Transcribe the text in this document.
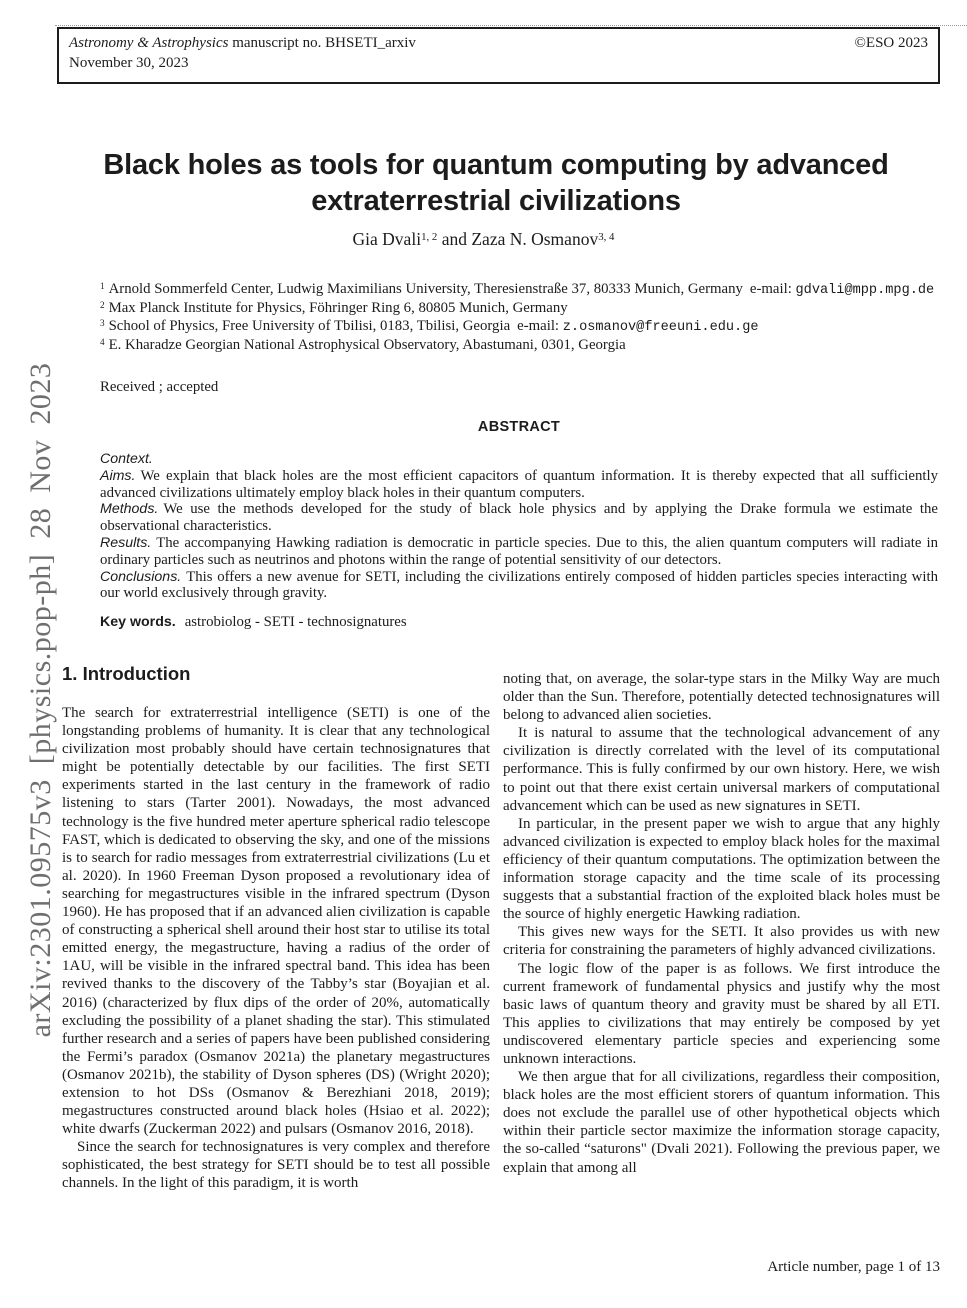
Astronomy & Astrophysics manuscript no. BHSETI_arxiv
November 30, 2023
©ESO 2023
arXiv:2301.09575v3 [physics.pop-ph] 28 Nov 2023
Black holes as tools for quantum computing by advanced
extraterrestrial civilizations
Gia Dvali$^{1, 2}$ and Zaza N. Osmanov$^{3, 4}$
$^1$ Arnold Sommerfeld Center, Ludwig Maximilians University, Theresienstraße 37, 80333 Munich, Germany e-mail: gdvali@mpp.mpg.de
$^2$ Max Planck Institute for Physics, Föhringer Ring 6, 80805 Munich, Germany
$^3$ School of Physics, Free University of Tbilisi, 0183, Tbilisi, Georgia e-mail: z.osmanov@freeuni.edu.ge
$^4$ E. Kharadze Georgian National Astrophysical Observatory, Abastumani, 0301, Georgia
Received ; accepted
ABSTRACT
Context.
Aims. We explain that black holes are the most efficient capacitors of quantum information. It is thereby expected that all sufficiently advanced civilizations ultimately employ black holes in their quantum computers.
Methods. We use the methods developed for the study of black hole physics and by applying the Drake formula we estimate the observational characteristics.
Results. The accompanying Hawking radiation is democratic in particle species. Due to this, the alien quantum computers will radiate in ordinary particles such as neutrinos and photons within the range of potential sensitivity of our detectors.
Conclusions. This offers a new avenue for SETI, including the civilizations entirely composed of hidden particles species interacting with our world exclusively through gravity.
Key words. astrobiolog - SETI - technosignatures
1. Introduction

The search for extraterrestrial intelligence (SETI) is one of the longstanding problems of humanity. It is clear that any technological civilization most probably should have certain technosignatures that might be potentially detectable by our facilities. The first SETI experiments started in the last century in the framework of radio listening to stars (Tarter 2001). Nowadays, the most advanced technology is the five hundred meter aperture spherical radio telescope FAST, which is dedicated to observing the sky, and one of the missions is to search for radio messages from extraterrestrial civilizations (Lu et al. 2020). In 1960 Freeman Dyson proposed a revolutionary idea of searching for megastructures visible in the infrared spectrum (Dyson 1960). He has proposed that if an advanced alien civilization is capable of constructing a spherical shell around their host star to utilise its total emitted energy, the megastructure, having a radius of the order of 1AU, will be visible in the infrared spectral band. This idea has been revived thanks to the discovery of the Tabby’s star (Boyajian et al. 2016) (characterized by flux dips of the order of 20%, automatically excluding the possibility of a planet shading the star). This stimulated further research and a series of papers have been published considering the Fermi’s paradox (Osmanov 2021a) the planetary megastructures (Osmanov 2021b), the stability of Dyson spheres (DS) (Wright 2020); extension to hot DSs (Osmanov & Berezhiani 2018, 2019); megastructures constructed around black holes (Hsiao et al. 2022); white dwarfs (Zuckerman 2022) and pulsars (Osmanov 2016, 2018).

Since the search for technosignatures is very complex and therefore sophisticated, the best strategy for SETI should be to test all possible channels. In the light of this paradigm, it is worth

noting that, on average, the solar-type stars in the Milky Way are much older than the Sun. Therefore, potentially detected technosignatures will belong to advanced alien societies.

It is natural to assume that the technological advancement of any civilization is directly correlated with the level of its computational performance. This is fully confirmed by our own history. Here, we wish to point out that there exist certain universal markers of computational advancement which can be used as new signatures in SETI.

In particular, in the present paper we wish to argue that any highly advanced civilization is expected to employ black holes for the maximal efficiency of their quantum computations. The optimization between the information storage capacity and the time scale of its processing suggests that a substantial fraction of the exploited black holes must be the source of highly energetic Hawking radiation.

This gives new ways for the SETI. It also provides us with new criteria for constraining the parameters of highly advanced civilizations.

The logic flow of the paper is as follows. We first introduce the current framework of fundamental physics and justify why the most basic laws of quantum theory and gravity must be shared by all ETI. This applies to civilizations that may entirely be composed by yet undiscovered elementary particle species and experiencing some unknown interactions.

We then argue that for all civilizations, regardless their composition, black holes are the most efficient storers of quantum information. This does not exclude the parallel use of other hypothetical objects which within their particle sector maximize the information storage capacity, the so-called “saturons" (Dvali 2021). Following the previous paper, we explain that among all

Article number, page 1 of 13
